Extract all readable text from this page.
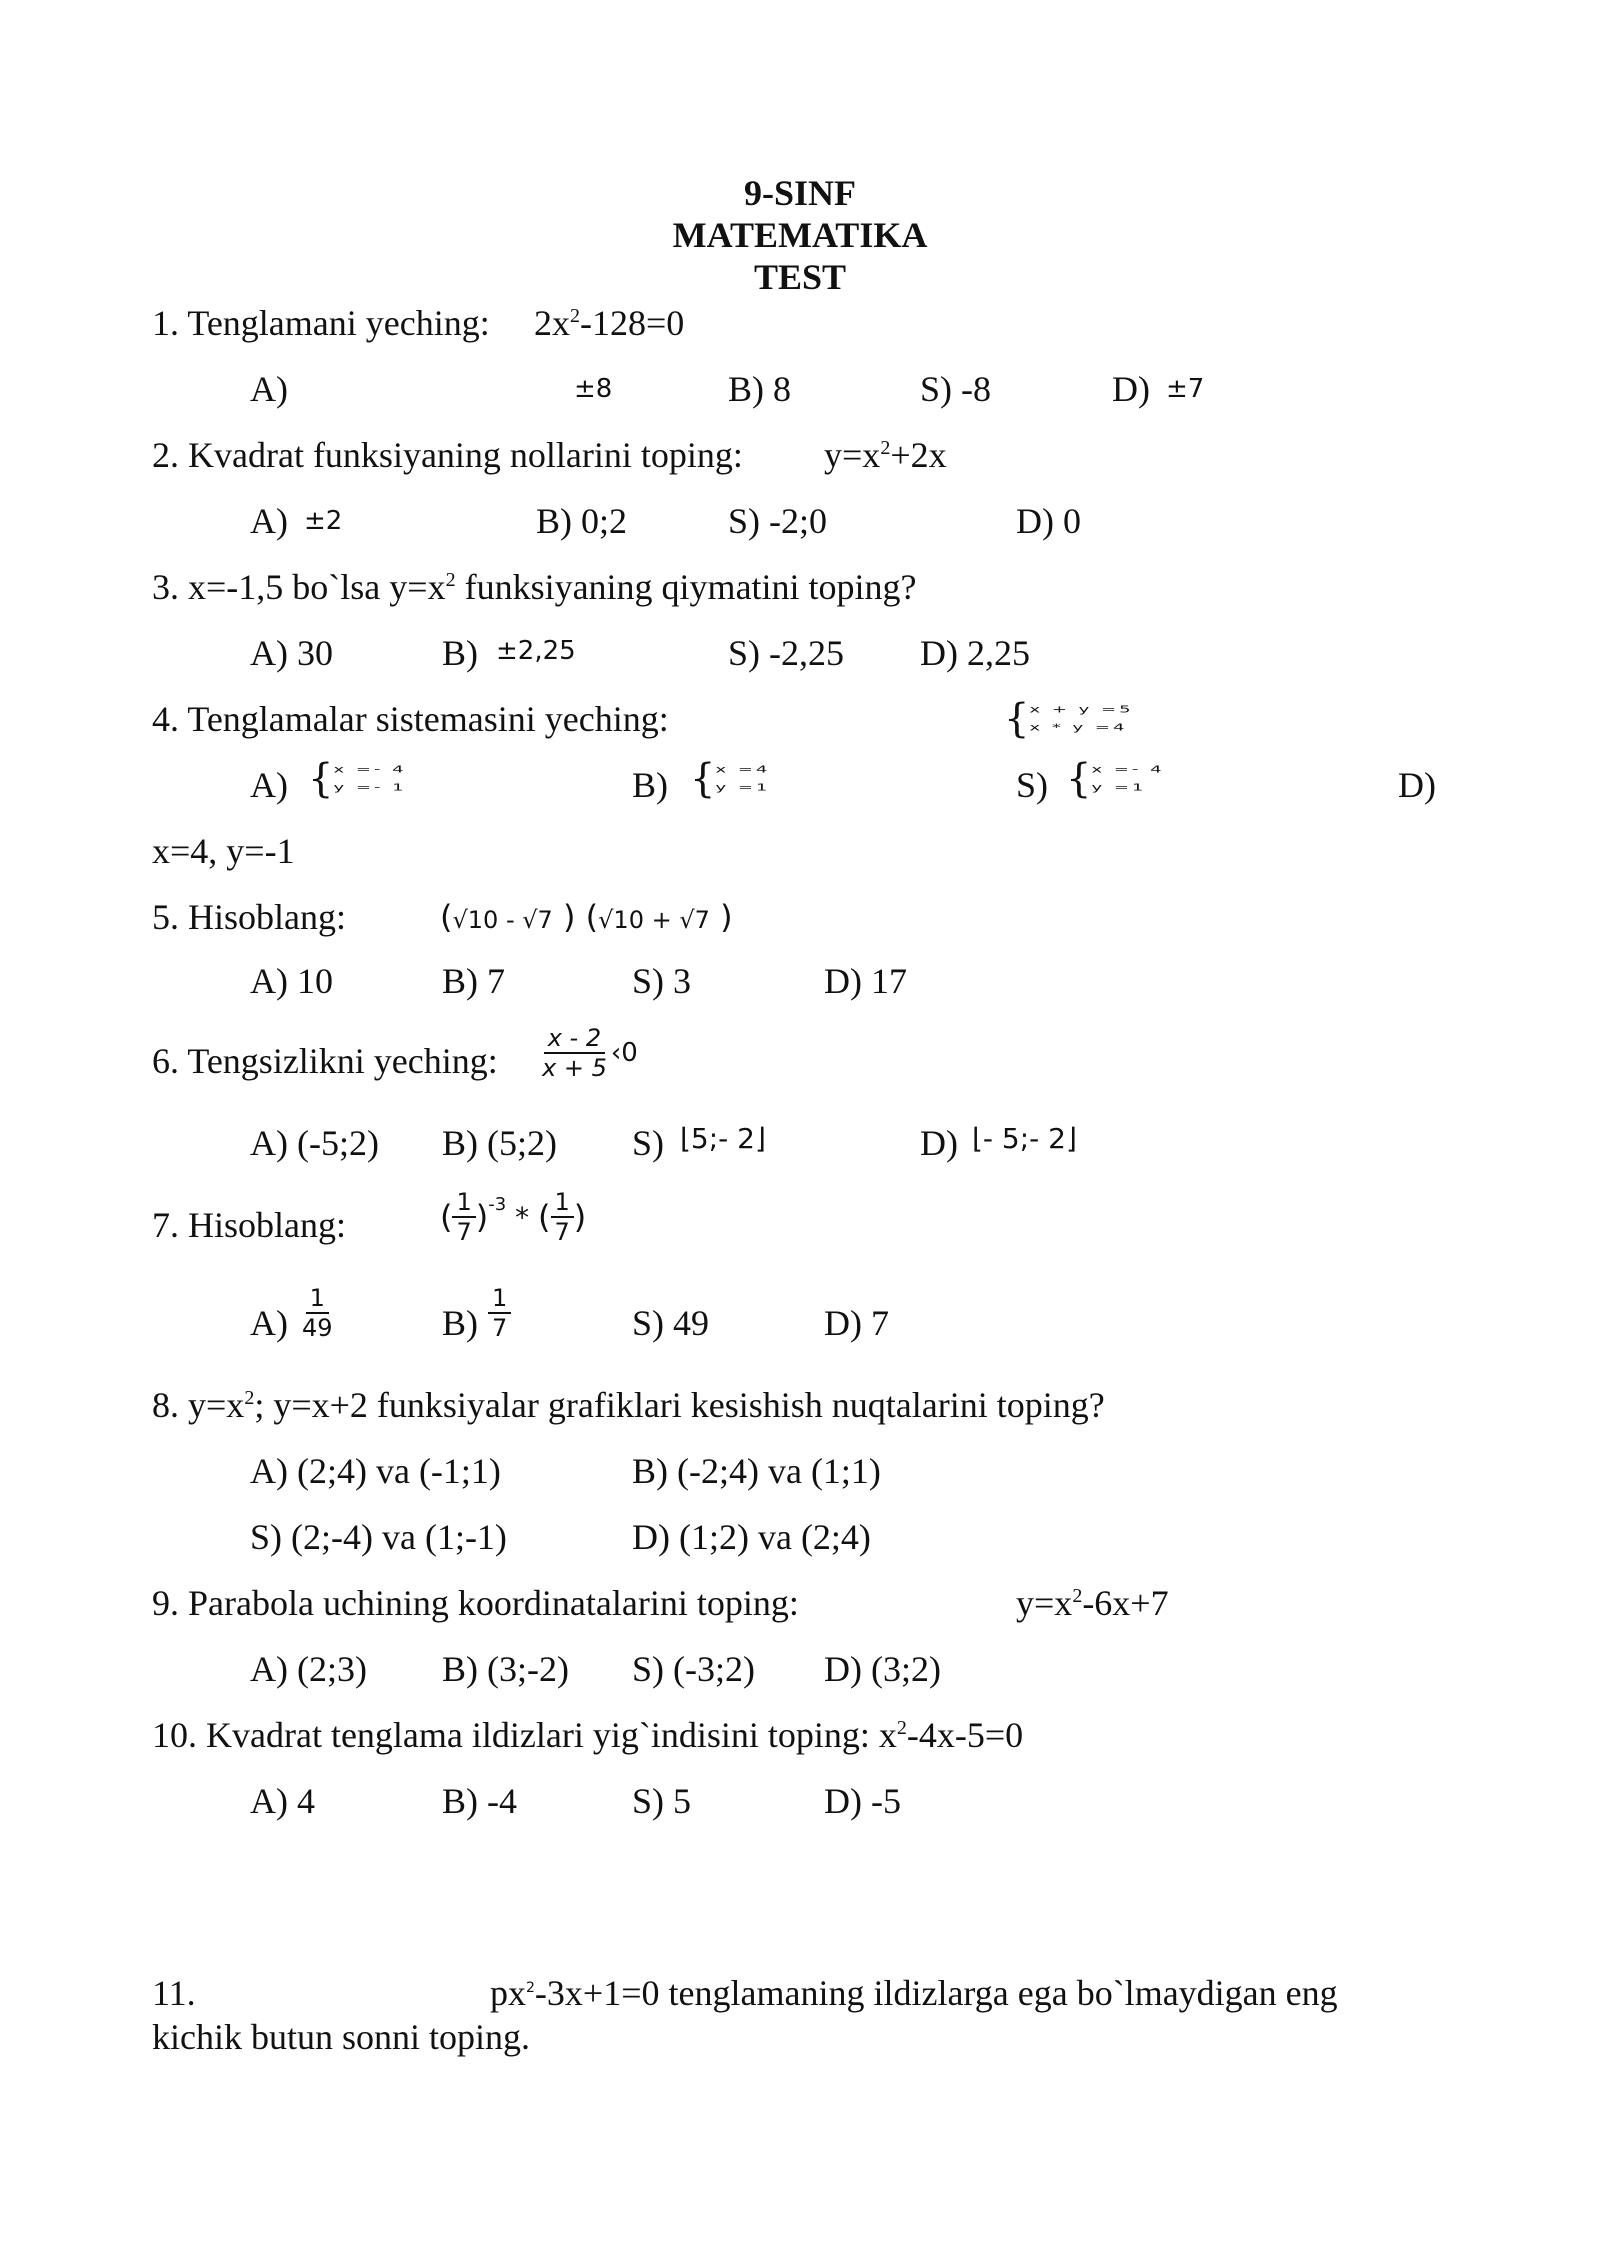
9-SINF
MATEMATIKA
TEST
1. Tenglamani yeching: $2x^2-128=0$
A)	±8	B) 8	S) -8	D) ±7
2. Kvadrat funksiyaning nollarini toping: $y=x^2+2x$
A) ±2	B) 0;2	S) -2;0	D) 0
3. x=-1,5 bo`lsa $y=x^2$ funksiyaning qiymatini toping?
A) 30	B) ±2,25	S) -2,25 D) 2,25
4. Tenglamalar sistemasini yeching:	{ x + y =5
x * y =4
A) { x =- 4
y =- 1	B) { x =4
y =1	S) { x =- 4
y =1	D)
x=4, y=-1
5. Hisoblang:	(√10 - √7 ) (√10 + √7 )
A) 10	B) 7	S) 3	D) 17
6. Tengsizlikni yeching: $\frac{x - 2}{x + 5}$ ‹0
A) (-5;2) B) (5;2) S) ⌊5;- 2⌋	D) ⌊- 5;- 2⌋
7. Hisoblang:	( $\frac{1}{7}$ ) -3 * ( $\frac{1}{7}$ )
$A) \frac{1}{49}$	$B) \frac{1}{7}$	S) 49	D) 7
8. $y=x^2$; y=x+2 funksiyalar grafiklari kesishish nuqtalarini toping?
A) (2;4) va (-1;1)	B) (-2;4) va (1;1)
S) (2;-4) va (1;-1)	D) (1;2) va (2;4)
9. Parabola uchining koordinatalarini toping:	$y=x^2-6x+7$
A) (2;3) B) (3;-2) S) (-3;2) D) (3;2)
10. Kvadrat tenglama ildizlari yig`indisini toping: $x^2-4x-5=0$
A) 4	B) -4	S) 5	D) -5
11.	$px^2-3x+1=0$ tenglamaning ildizlarga ega bo`lmaydigan eng
kichik butun sonni toping.
